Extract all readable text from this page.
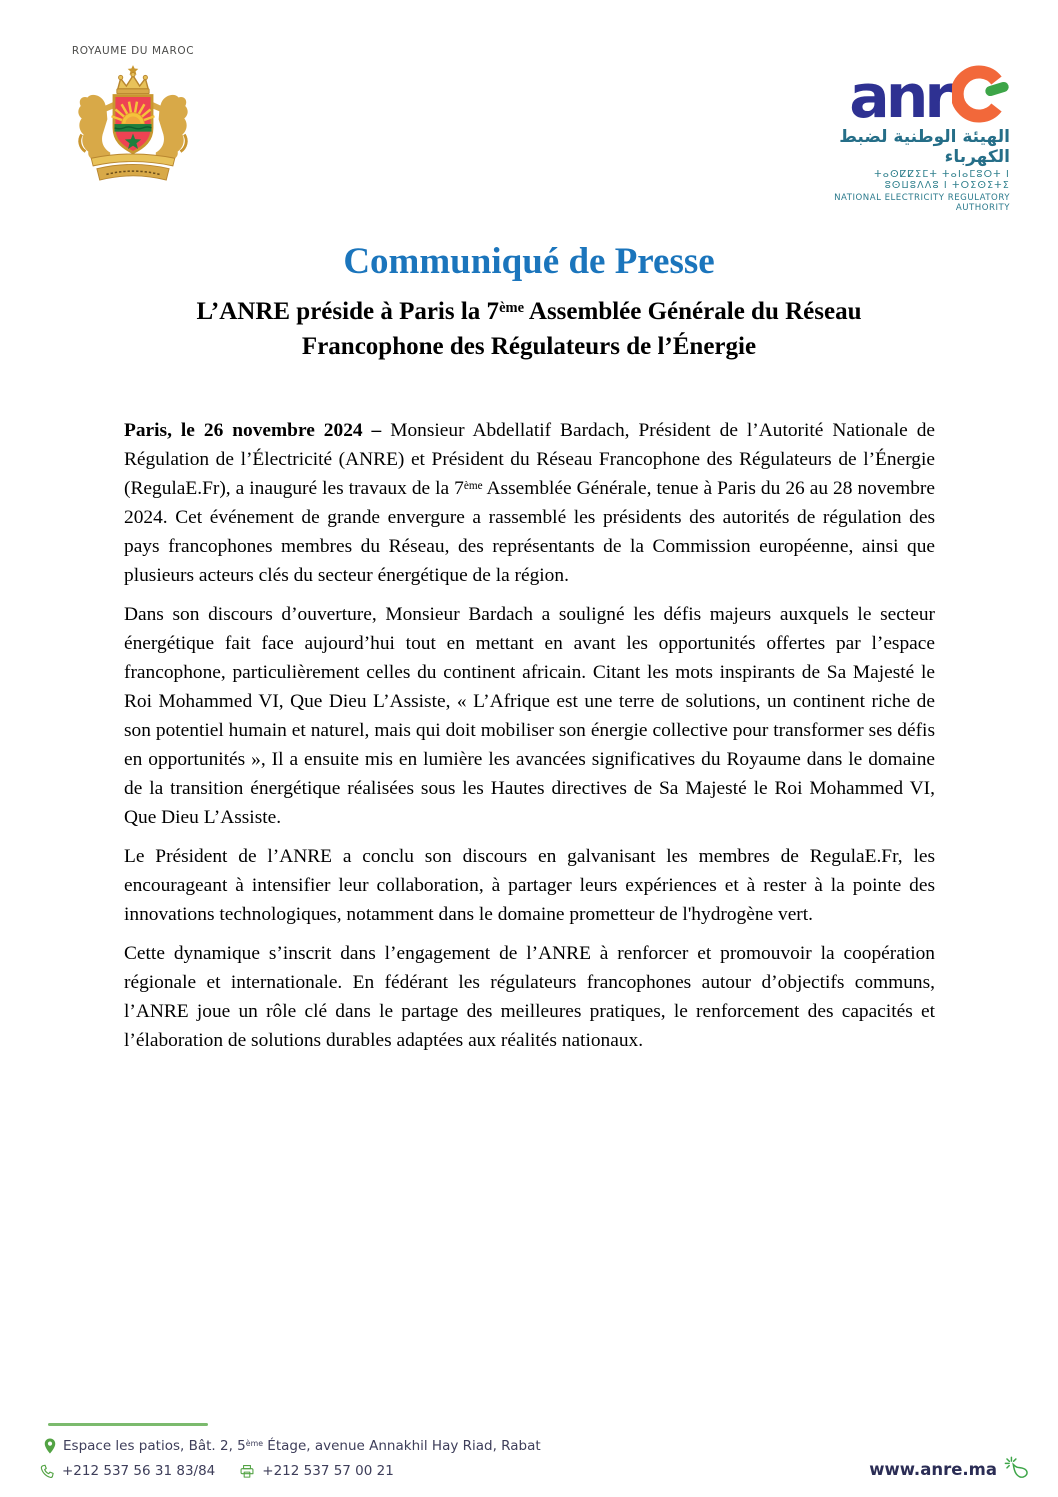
ROYAUME DU MAROC
anr
الهيئة الوطنية لضبط الكهرباء
ⵜⴰⵙⵇⵇⵉⵎⵜ ⵜⴰⵏⴰⵎⵓⵔⵜ ⵏ ⵓⵙⵡⵓⴷⴷⵓ ⵏ ⵜⵔⵉⵙⵉⵜⵉ
NATIONAL ELECTRICITY REGULATORY AUTHORITY
Communiqué de Presse
L’ANRE préside à Paris la 7ème Assemblée Générale du Réseau
Francophone des Régulateurs de l’Énergie

Paris, le 26 novembre 2024 – Monsieur Abdellatif Bardach, Président de l’Autorité Nationale de Régulation de l’Électricité (ANRE) et Président du Réseau Francophone des Régulateurs de l’Énergie (RegulaE.Fr), a inauguré les travaux de la 7ème Assemblée Générale, tenue à Paris du 26 au 28 novembre 2024. Cet événement de grande envergure a rassemblé les présidents des autorités de régulation des pays francophones membres du Réseau, des représentants de la Commission européenne, ainsi que plusieurs acteurs clés du secteur énergétique de la région.

Dans son discours d’ouverture, Monsieur Bardach a souligné les défis majeurs auxquels le secteur énergétique fait face aujourd’hui tout en mettant en avant les opportunités offertes par l’espace francophone, particulièrement celles du continent africain. Citant les mots inspirants de Sa Majesté le Roi Mohammed VI, Que Dieu L’Assiste, « L’Afrique est une terre de solutions, un continent riche de son potentiel humain et naturel, mais qui doit mobiliser son énergie collective pour transformer ses défis en opportunités », Il a ensuite mis en lumière les avancées significatives du Royaume dans le domaine de la transition énergétique réalisées sous les Hautes directives de Sa Majesté le Roi Mohammed VI, Que Dieu L’Assiste.

Le Président de l’ANRE a conclu son discours en galvanisant les membres de RegulaE.Fr, les encourageant à intensifier leur collaboration, à partager leurs expériences et à rester à la pointe des innovations technologiques, notamment dans le domaine prometteur de l'hydrogène vert.

Cette dynamique s’inscrit dans l’engagement de l’ANRE à renforcer et promouvoir la coopération régionale et internationale. En fédérant les régulateurs francophones autour d’objectifs communs, l’ANRE joue un rôle clé dans le partage des meilleures pratiques, le renforcement des capacités et l’élaboration de solutions durables adaptées aux réalités nationaux.

Espace les patios, Bât. 2, 5ème Étage, avenue Annakhil Hay Riad, Rabat
+212 537 56 31 83/84	+212 537 57 00 21	www.anre.ma
